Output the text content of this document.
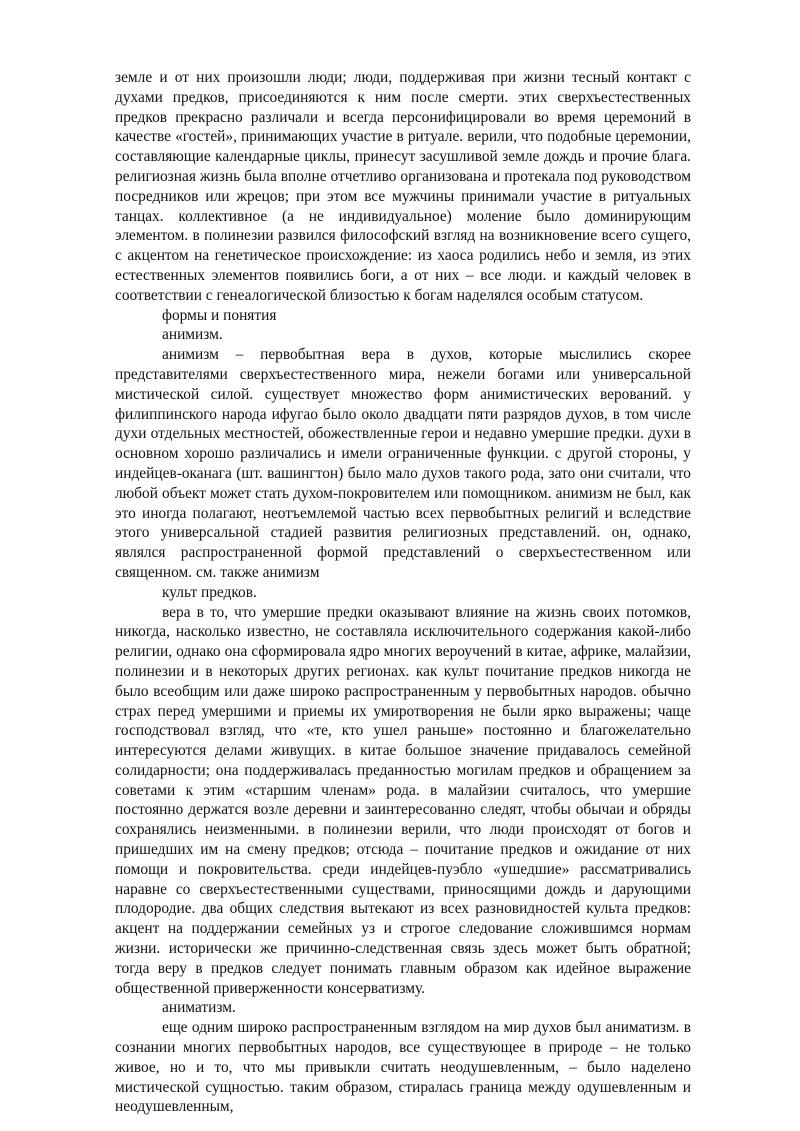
земле и от них произошли люди; люди, поддерживая при жизни тесный контакт с духами предков, присоединяются к ним после смерти. этих сверхъестественных предков прекрасно различали и всегда персонифицировали во время церемоний в качестве «гостей», принимающих участие в ритуале. верили, что подобные церемонии, составляющие календарные циклы, принесут засушливой земле дождь и прочие блага. религиозная жизнь была вполне отчетливо организована и протекала под руководством посредников или жрецов; при этом все мужчины принимали участие в ритуальных танцах. коллективное (а не индивидуальное) моление было доминирующим элементом. в полинезии развился философский взгляд на возникновение всего сущего, с акцентом на генетическое происхождение: из хаоса родились небо и земля, из этих естественных элементов появились боги, а от них – все люди. и каждый человек в соответствии с генеалогической близостью к богам наделялся особым статусом.

формы и понятия

анимизм.

анимизм – первобытная вера в духов, которые мыслились скорее представителями сверхъестественного мира, нежели богами или универсальной мистической силой. существует множество форм анимистических верований. у филиппинского народа ифугао было около двадцати пяти разрядов духов, в том числе духи отдельных местностей, обожествленные герои и недавно умершие предки. духи в основном хорошо различались и имели ограниченные функции. с другой стороны, у индейцев-оканага (шт. вашингтон) было мало духов такого рода, зато они считали, что любой объект может стать духом-покровителем или помощником. анимизм не был, как это иногда полагают, неотъемлемой частью всех первобытных религий и вследствие этого универсальной стадией развития религиозных представлений. он, однако, являлся распространенной формой представлений о сверхъестественном или священном. см. также анимизм

культ предков.

вера в то, что умершие предки оказывают влияние на жизнь своих потомков, никогда, насколько известно, не составляла исключительного содержания какой-либо религии, однако она сформировала ядро многих вероучений в китае, африке, малайзии, полинезии и в некоторых других регионах. как культ почитание предков никогда не было всеобщим или даже широко распространенным у первобытных народов. обычно страх перед умершими и приемы их умиротворения не были ярко выражены; чаще господствовал взгляд, что «те, кто ушел раньше» постоянно и благожелательно интересуются делами живущих. в китае большое значение придавалось семейной солидарности; она поддерживалась преданностью могилам предков и обращением за советами к этим «старшим членам» рода. в малайзии считалось, что умершие постоянно держатся возле деревни и заинтересованно следят, чтобы обычаи и обряды сохранялись неизменными. в полинезии верили, что люди происходят от богов и пришедших им на смену предков; отсюда – почитание предков и ожидание от них помощи и покровительства. среди индейцев-пуэбло «ушедшие» рассматривались наравне со сверхъестественными существами, приносящими дождь и дарующими плодородие. два общих следствия вытекают из всех разновидностей культа предков: акцент на поддержании семейных уз и строгое следование сложившимся нормам жизни. исторически же причинно-следственная связь здесь может быть обратной; тогда веру в предков следует понимать главным образом как идейное выражение общественной приверженности консерватизму.

аниматизм.

еще одним широко распространенным взглядом на мир духов был аниматизм. в сознании многих первобытных народов, все существующее в природе – не только живое, но и то, что мы привыкли считать неодушевленным, – было наделено мистической сущностью. таким образом, стиралась граница между одушевленным и неодушевленным,
